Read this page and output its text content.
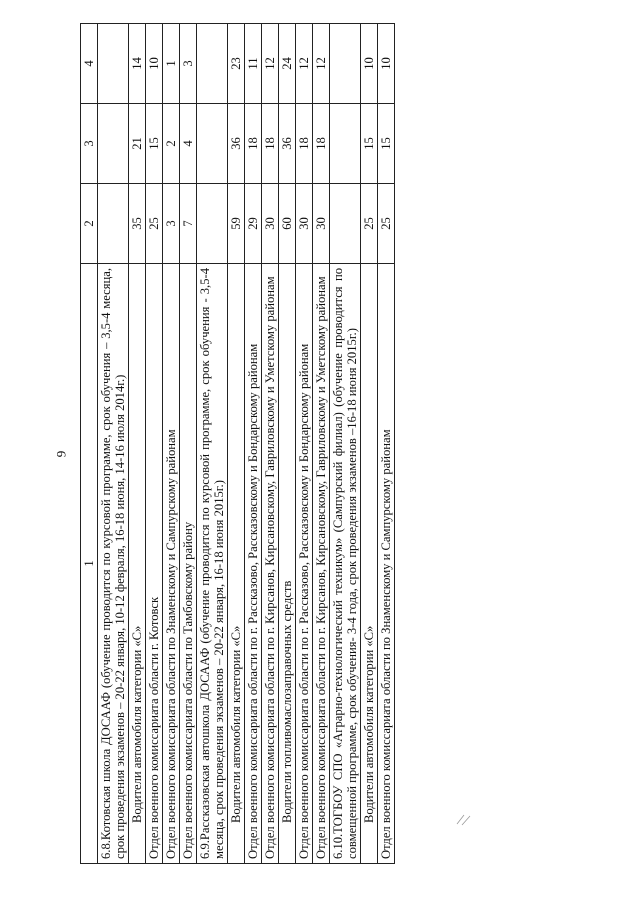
9
1	2	3	4
6.8.Котовская школа ДОСААФ (обучение проводится по курсовой программе, срок обучения – 3,5-4 месяца, срок проведения экзаменов – 20-22 января, 10-12 февраля, 16-18 июня, 14-16 июля 2014г.)			
Водители автомобиля категории «С»	35	21	14
Отдел военного комиссариата области г. Котовск	25	15	10
Отдел военного комиссариата области по Знаменскому и Сампурскому районам	3	2	1
Отдел военного комиссариата области по Тамбовскому району	7	4	3
6.9.Рассказовская автошкола ДОСААФ (обучение проводится по курсовой программе, срок обучения - 3,5-4 месяца, срок проведения экзаменов – 20-22 января, 16-18 июня 2015г.)			
Водители автомобиля категории «С»	59	36	23
Отдел военного комиссариата области по г. Рассказово, Рассказовскому и Бондарскому районам	29	18	11
Отдел военного комиссариата области по г. Кирсанов, Кирсановскому, Гавриловскому и Уметскому районам	30	18	12
Водители топливомаслозаправочных средств	60	36	24
Отдел военного комиссариата области по г. Рассказово, Рассказовскому и Бондарскому районам	30	18	12
Отдел военного комиссариата области по г. Кирсанов, Кирсановскому, Гавриловскому и Уметскому районам	30	18	12
6.10.ТОГБОУ СПО «Аграрно-технологический техникум» (Сампурский филиал) (обучение проводится по совмещенной программе, срок обучения- 3-4 года, срок проведения экзаменов –16-18 июня 2015г.)			
Водители автомобиля категории «С»	25	15	10
Отдел военного комиссариата области по Знаменскому и Сампурскому районам	25	15	10
